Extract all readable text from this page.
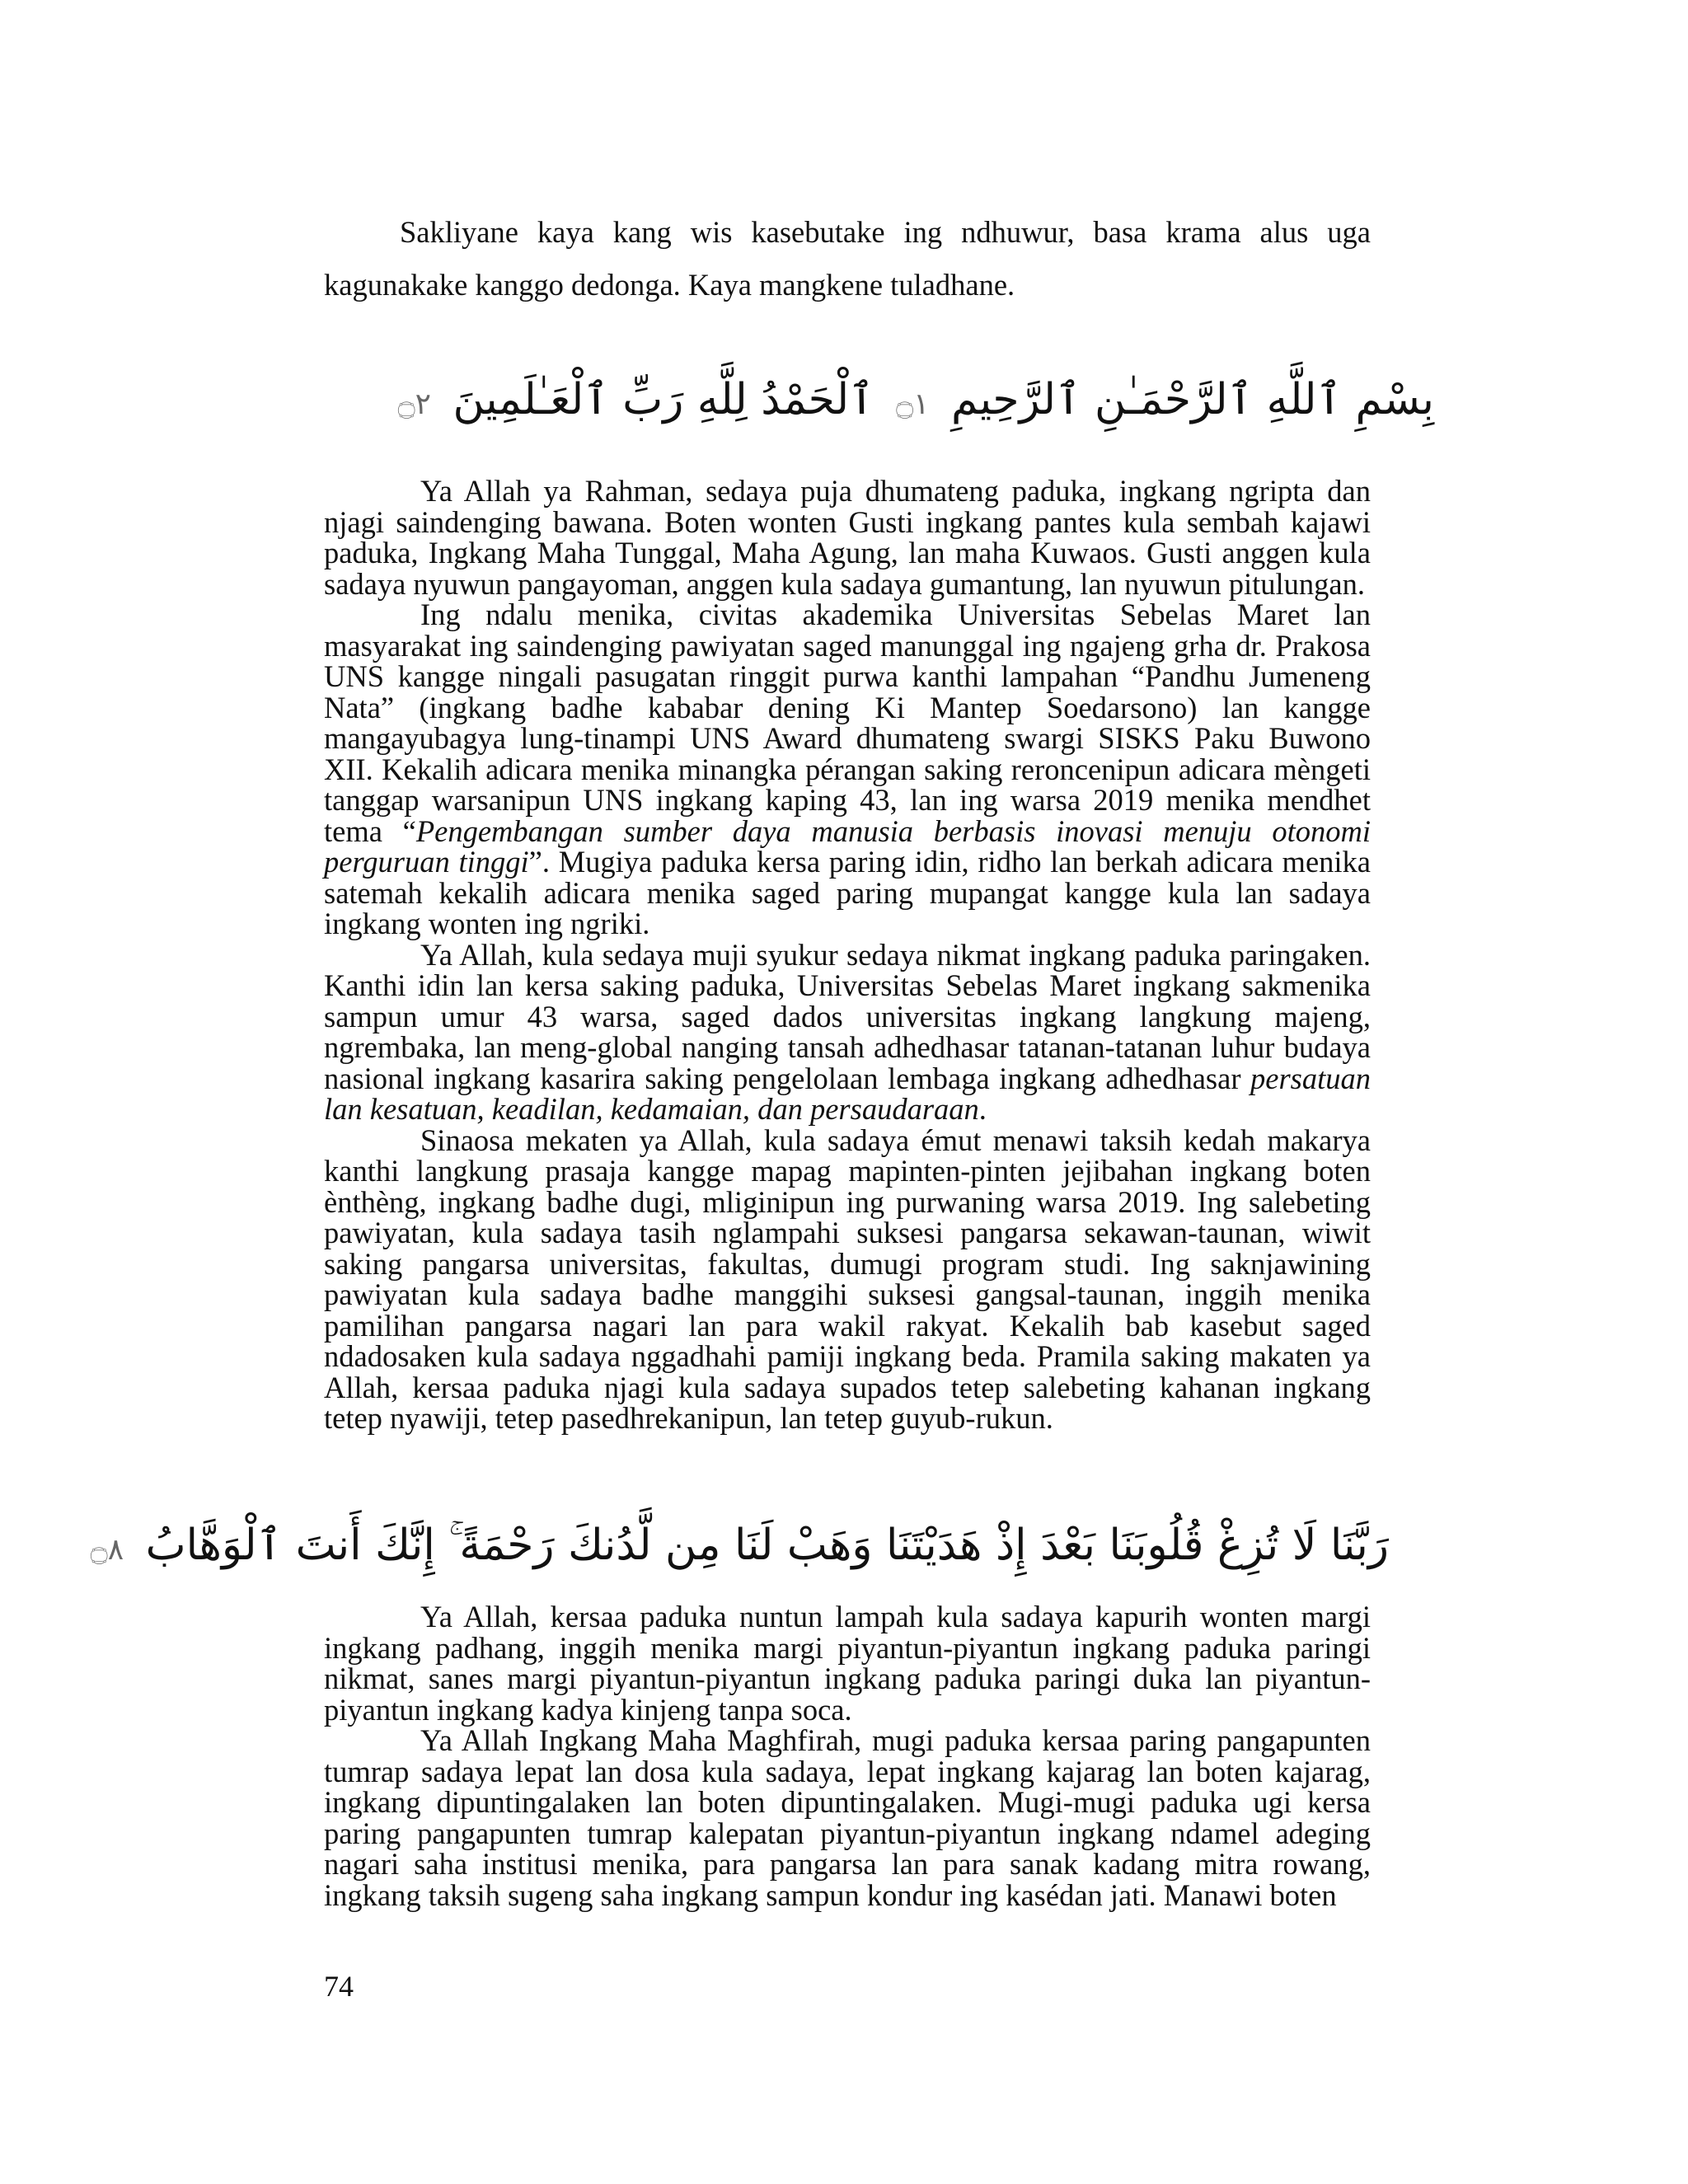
Sakliyane kaya kang wis kasebutake ing ndhuwur, basa krama alus uga kagunakake kanggo dedonga. Kaya mangkene tuladhane.

بِسْمِ ٱللَّهِ ٱلرَّحْمَـٰنِ ٱلرَّحِيمِ ۝١ ٱلْحَمْدُ لِلَّهِ رَبِّ ٱلْعَـٰلَمِينَ ۝٢

Ya Allah ya Rahman, sedaya puja dhumateng paduka, ingkang ngripta dan njagi saindenging bawana. Boten wonten Gusti ingkang pantes kula sembah kajawi paduka, Ingkang Maha Tunggal, Maha Agung, lan maha Kuwaos. Gusti anggen kula sadaya nyuwun pangayoman, anggen kula sadaya gumantung, lan nyuwun pitulungan.

Ing ndalu menika, civitas akademika Universitas Sebelas Maret lan masyarakat ing saindenging pawiyatan saged manunggal ing ngajeng grha dr. Prakosa UNS kangge ningali pasugatan ringgit purwa kanthi lampahan “Pandhu Jumeneng Nata” (ingkang badhe kababar dening Ki Mantep Soedarsono) lan kangge mangayubagya lung-tinampi UNS Award dhumateng swargi SISKS Paku Buwono XII. Kekalih adicara menika minangka pérangan saking reroncenipun adicara mèngeti tanggap warsanipun UNS ingkang kaping 43, lan ing warsa 2019 menika mendhet tema “Pengembangan sumber daya manusia berbasis inovasi menuju otonomi perguruan tinggi”. Mugiya paduka kersa paring idin, ridho lan berkah adicara menika satemah kekalih adicara menika saged paring mupangat kangge kula lan sadaya ingkang wonten ing ngriki.

Ya Allah, kula sedaya muji syukur sedaya nikmat ingkang paduka paringaken. Kanthi idin lan kersa saking paduka, Universitas Sebelas Maret ingkang sakmenika sampun umur 43 warsa, saged dados universitas ingkang langkung majeng, ngrembaka, lan meng-global nanging tansah adhedhasar tatanan-tatanan luhur budaya nasional ingkang kasarira saking pengelolaan lembaga ingkang adhedhasar persatuan lan kesatuan, keadilan, kedamaian, dan persaudaraan.

Sinaosa mekaten ya Allah, kula sadaya émut menawi taksih kedah makarya kanthi langkung prasaja kangge mapag mapinten-pinten jejibahan ingkang boten ènthèng, ingkang badhe dugi, mliginipun ing purwaning warsa 2019. Ing salebeting pawiyatan, kula sadaya tasih nglampahi suksesi pangarsa sekawan-taunan, wiwit saking pangarsa universitas, fakultas, dumugi program studi. Ing saknjawining pawiyatan kula sadaya badhe manggihi suksesi gangsal-taunan, inggih menika pamilihan pangarsa nagari lan para wakil rakyat. Kekalih bab kasebut saged ndadosaken kula sadaya nggadhahi pamiji ingkang beda. Pramila saking makaten ya Allah, kersaa paduka njagi kula sadaya supados tetep salebeting kahanan ingkang tetep nyawiji, tetep pasedhrekanipun, lan tetep guyub-rukun.

رَبَّنَا لَا تُزِغْ قُلُوبَنَا بَعْدَ إِذْ هَدَيْتَنَا وَهَبْ لَنَا مِن لَّدُنكَ رَحْمَةً ۚ إِنَّكَ أَنتَ ٱلْوَهَّابُ ۝٨

Ya Allah, kersaa paduka nuntun lampah kula sadaya kapurih wonten margi ingkang padhang, inggih menika margi piyantun-piyantun ingkang paduka paringi nikmat, sanes margi piyantun-piyantun ingkang paduka paringi duka lan piyantun-piyantun ingkang kadya kinjeng tanpa soca.

Ya Allah Ingkang Maha Maghfirah, mugi paduka kersaa paring pangapunten tumrap sadaya lepat lan dosa kula sadaya, lepat ingkang kajarag lan boten kajarag, ingkang dipuntingalaken lan boten dipuntingalaken. Mugi-mugi paduka ugi kersa paring pangapunten tumrap kalepatan piyantun-piyantun ingkang ndamel adeging nagari saha institusi menika, para pangarsa lan para sanak kadang mitra rowang, ingkang taksih sugeng saha ingkang sampun kondur ing kasédan jati. Manawi boten

74
